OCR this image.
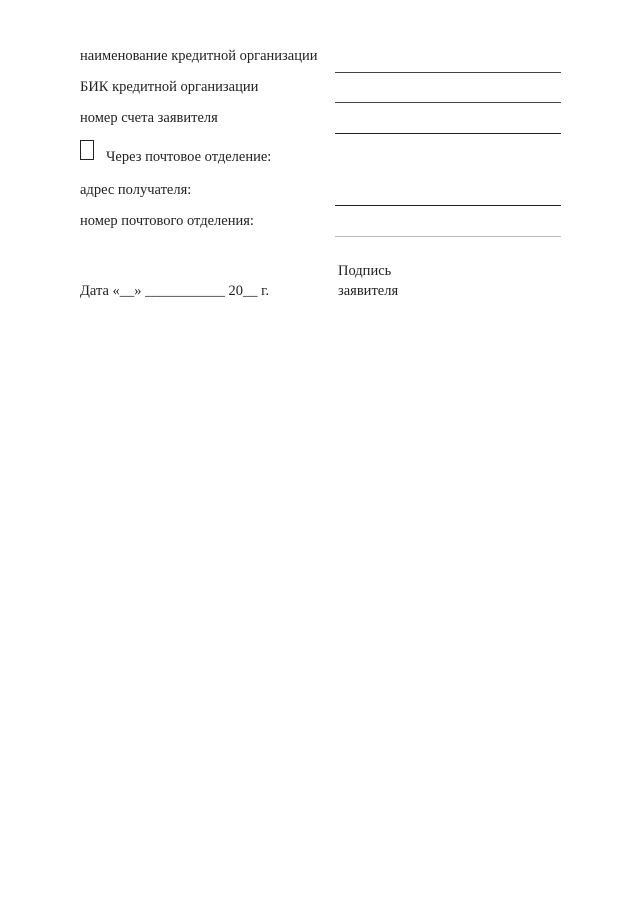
наименование кредитной организации
БИК кредитной организации
номер счета заявителя
Через почтовое отделение:
адрес получателя:
номер почтового отделения:
Дата «__» ___________ 20__ г.
Подпись
заявителя
